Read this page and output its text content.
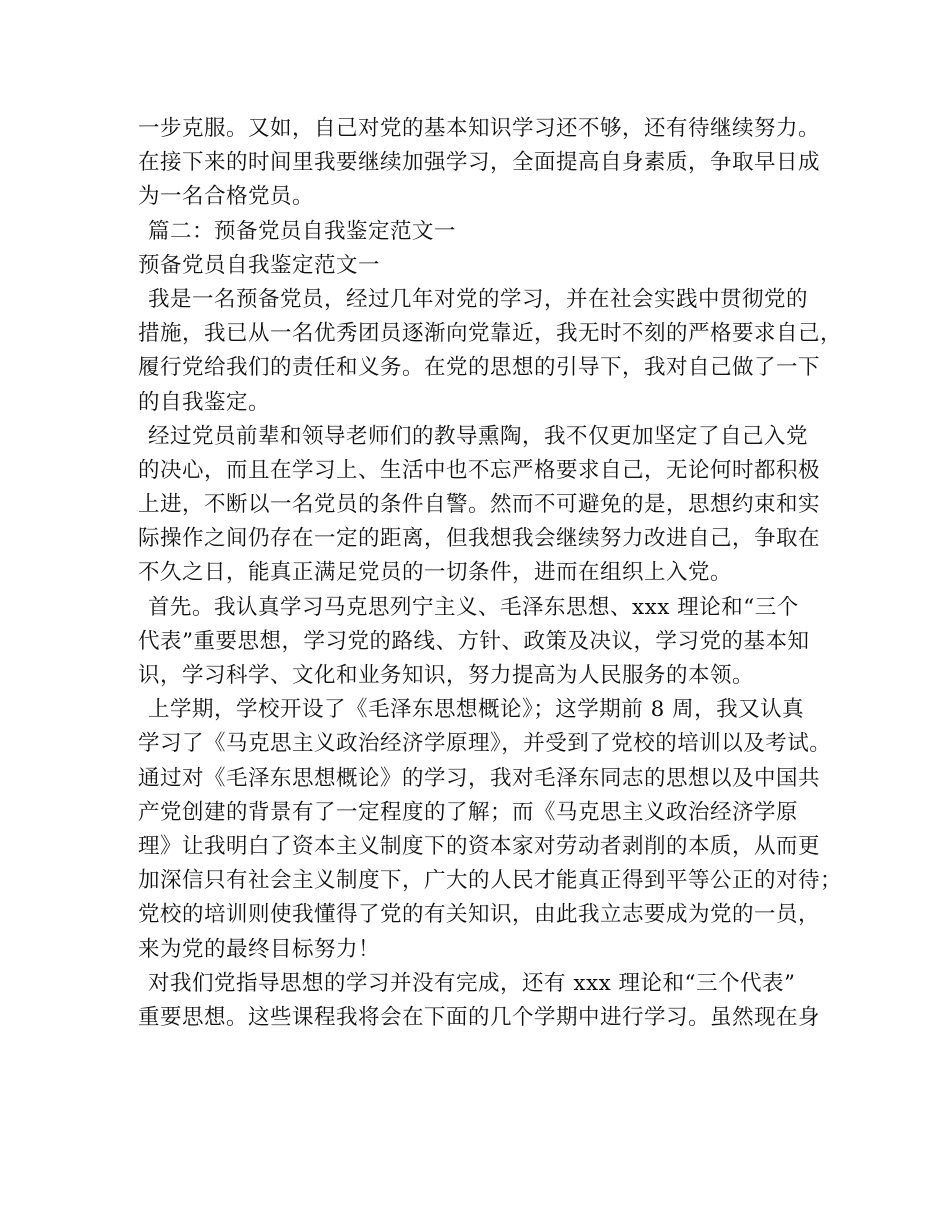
一步克服。又如，自己对党的基本知识学习还不够，还有待继续努力。
在接下来的时间里我要继续加强学习，全面提高自身素质，争取早日成
为一名合格党员。
篇二：预备党员自我鉴定范文一
预备党员自我鉴定范文一
我是一名预备党员，经过几年对党的学习，并在社会实践中贯彻党的
措施，我已从一名优秀团员逐渐向党靠近，我无时不刻的严格要求自己，
履行党给我们的责任和义务。在党的思想的引导下，我对自己做了一下
的自我鉴定。
经过党员前辈和领导老师们的教导熏陶，我不仅更加坚定了自己入党
的决心，而且在学习上、生活中也不忘严格要求自己，无论何时都积极
上进，不断以一名党员的条件自警。然而不可避免的是，思想约束和实
际操作之间仍存在一定的距离，但我想我会继续努力改进自己，争取在
不久之日，能真正满足党员的一切条件，进而在组织上入党。
首先。我认真学习马克思列宁主义、毛泽东思想、xxx 理论和“三个
代表”重要思想，学习党的路线、方针、政策及决议，学习党的基本知
识，学习科学、文化和业务知识，努力提高为人民服务的本领。
上学期，学校开设了《毛泽东思想概论》；这学期前 8 周，我又认真
学习了《马克思主义政治经济学原理》，并受到了党校的培训以及考试。
通过对《毛泽东思想概论》的学习，我对毛泽东同志的思想以及中国共
产党创建的背景有了一定程度的了解；而《马克思主义政治经济学原
理》让我明白了资本主义制度下的资本家对劳动者剥削的本质，从而更
加深信只有社会主义制度下，广大的人民才能真正得到平等公正的对待；
党校的培训则使我懂得了党的有关知识，由此我立志要成为党的一员，
来为党的最终目标努力！
对我们党指导思想的学习并没有完成，还有 xxx 理论和“三个代表”
重要思想。这些课程我将会在下面的几个学期中进行学习。虽然现在身
